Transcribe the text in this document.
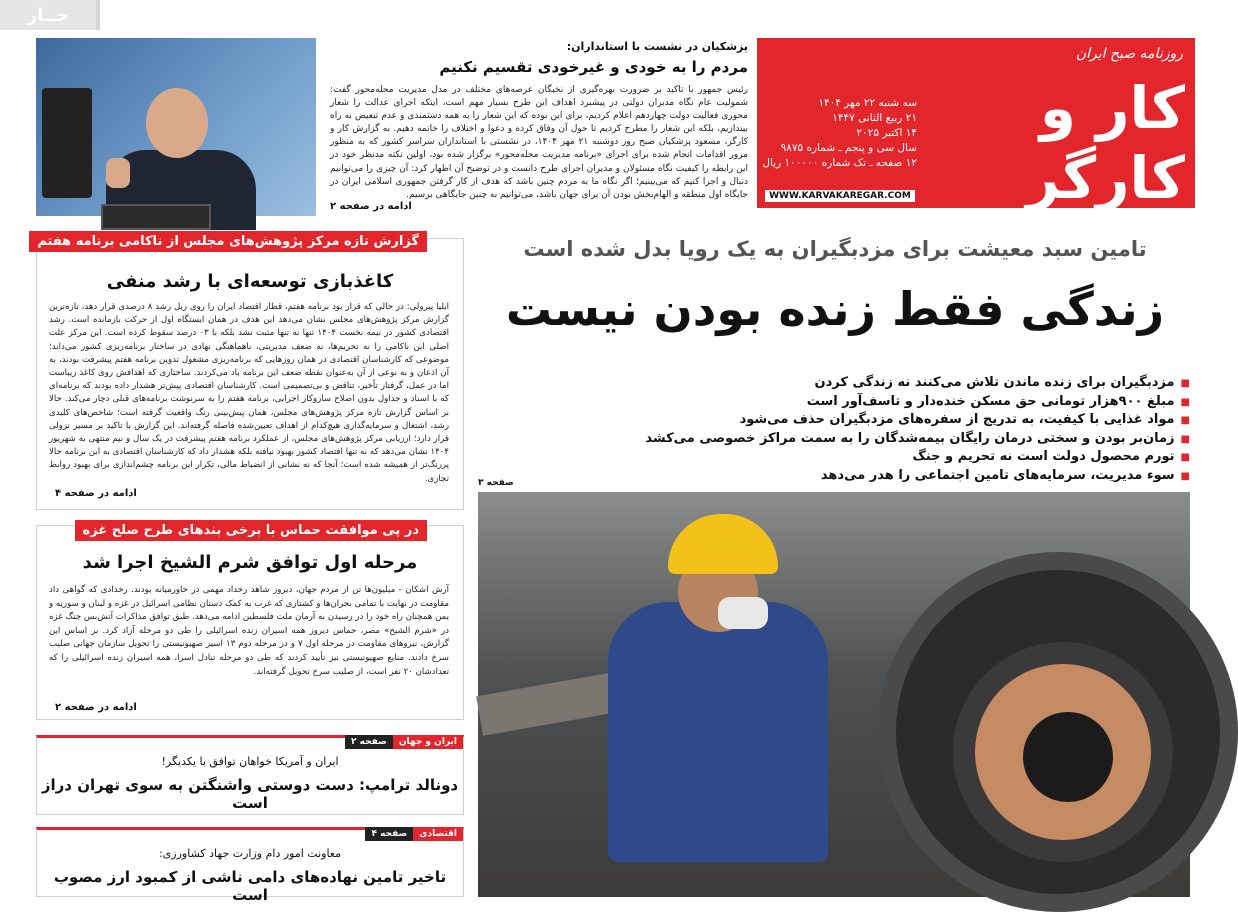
جــار
روزنامه صبح ایران
کار و کارگر
سه شنبه ۲۲ مهر ۱۴۰۴
۲۱ ربیع الثانی ۱۴۴۷
۱۴ اکتبر ۲۰۲۵
سال سی و پنجم ـ شماره ۹۸۷۵
۱۲ صفحه ـ تک شماره ۱۰۰۰۰۰ ریال
WWW.KARVAKAREGAR.COM
پزشکیان در نشست با استانداران:
مردم را به خودی و غیرخودی تقسیم نکنیم
رئیس جمهور با تاکید بر ضرورت بهره‌گیری از نخبگان عرصه‌های مختلف در مدل مدیریت محله‌محور گفت: شمولیت عام نگاه مدیران دولتی در پیشبرد اهداف این طرح بسیار مهم است، اینکه اجرای عدالت را شعار محوری فعالیت دولت چهاردهم اعلام کردیم، برای این بوده که این شعار را به همه دستمندی و عدم تبعیض به راه بیندازیم، بلکه این شعار را مطرح کردیم تا حول آن وفاق کرده و دعوا و اختلاف را خاتمه دهیم. به گزارش کار و کارگر، مسعود پزشکیان صبح روز دوشنبه ۲۱ مهر ۱۴۰۴، در نشستی با استانداران سراسر کشور که به منظور مرور اقدامات انجام شده برای اجرای «برنامه مدیریت محله‌محور» برگزار شده بود، اولین نکته مدنظر خود در این رابطه را کیفیت نگاه مسئولان و مدیران اجرای طرح دانست و در توضیح آن اظهار کرد: آن چیزی را می‌توانیم دنبال و اجرا کنیم که می‌بینیم؛ اگر نگاه ما به مردم چنین باشد که هدف از کار گرفتن جمهوری اسلامی ایران در جایگاه اول منطقه و الهام‌بخش بودن آن برای جهان باشد، می‌توانیم به چنین جایگاهی برسیم.
ادامه در صفحه ۲
گزارش تازه مرکز پژوهش‌های مجلس از ناکامی برنامه هفتم
کاغذبازی توسعه‌ای با رشد منفی
ایلیا پیرولی: در حالی که قرار بود برنامه هفتم، قطار اقتصاد ایران را روی ریل رشد ۸ درصدی قرار دهد، تازه‌ترین گزارش مرکز پژوهش‌های مجلس نشان می‌دهد این هدف در همان ایستگاه اول از حرکت بازمانده است. رشد اقتصادی کشور در نیمه نخست ۱۴۰۴ تنها نه تنها مثبت نشد بلکه با ۰۳ درصد سقوط کرده است. این مرکز علت اصلی این ناکامی را نه تحریم‌ها، نه ضعف مدیریتی، ناهماهنگی نهادی در ساختار برنامه‌ریزی کشور می‌داند؛ موضوعی که کارشناسان اقتصادی در همان روزهایی که برنامه‌ریزی مشغول تدوین برنامه هفتم پیشرفت بودند، به آن اذعان و به نوعی از آن به‌عنوان نقطه ضعف این برنامه یاد می‌کردند. ساختاری که اهدافش روی کاغذ زیباست اما در عمل، گرفتار تأخیر، تناقض و بی‌تصمیمی است. کارشناسان اقتصادی پیش‌تر هشدار داده بودند که برنامه‌ای که با اسناد و جداول بدون اصلاح سازوکار اجرایی، برنامه هفتم را به سرنوشت برنامه‌های قبلی دچار می‌کند. حالا بر اساس گزارش تازه مرکز پژوهش‌های مجلس، همان پیش‌بینی رنگ واقعیت گرفته است؛ شاخص‌های کلیدی رشد، اشتغال و سرمایه‌گذاری هیچ‌کدام از اهداف تعیین‌شده فاصله گرفته‌اند. این گزارش با تاکید بر مسیر نزولی قرار دارد؛ ارزیابی مرکز پژوهش‌های مجلس، از عملکرد برنامه هفتم پیشرفت در یک سال و نیم منتهی به شهریور ۱۴۰۴ نشان می‌دهد که نه تنها اقتصاد کشور بهبود نیافته بلکه هشدار داد که کارشناسان اقتصادی به این برنامه حالا پررنگ‌تر از همیشه شده است؛ آنجا که نه نشانی از انضباط مالی، تکرار این برنامه چشم‌اندازی برای بهبود روابط تجاری.
ادامه در صفحه ۴
در پی موافقت حماس با برخی بندهای طرح صلح غزه
مرحله اول توافق شرم الشیخ اجرا شد
آرش اشکان - میلیون‌ها تن از مردم جهان، دیروز شاهد رخداد مهمی در خاورمیانه بودند. رخدادی که گواهی داد مقاومت در نهایت با تمامی بحران‌ها و کشتاری که غرب به کمک دستان نظامی اسرائیل در غزه و لبنان و سوریه و یمن همچنان راه خود را در رسیدن به آرمان ملت فلسطین ادامه می‌دهد. طبق توافق مذاکرات آتش‌بس جنگ غزه در «شرم الشیخ» مصر، حماس دیروز همه اسیران زنده اسرائیلی را طی دو مرحله آزاد کرد. بر اساس این گزارش، نیروهای مقاومت در مرحله اول ۷ و در مرحله دوم ۱۳ اسیر صهیونیستی را تحویل سازمان جهانی صلیب سرخ دادند. منابع صهیونیستی نیز تأیید کردند که طی دو مرحله تبادل اسرا، همه اسیران زنده اسرائیلی را که تعدادشان ۲۰ نفر است، از صلیب سرخ تحویل گرفته‌اند.
ادامه در صفحه ۲
ایران و جهان
صفحه ۲
ایران و آمریکا خواهان توافق با یکدیگر!
دونالد ترامپ: دست دوستی واشنگتن به سوی تهران دراز است
اقتصادی
صفحه ۴
معاونت امور دام وزارت جهاد کشاورزی:
تاخیر تامین نهاده‌های دامی ناشی از کمبود ارز مصوب است
تامین سبد معیشت برای مزدبگیران به یک رویا بدل شده است
زندگی فقط زنده بودن نیست
■ مزدبگیران برای زنده ماندن تلاش می‌کنند نه زندگی کردن
■ مبلغ ۹۰۰هزار تومانی حق مسکن خنده‌دار و تاسف‌آور است
■ مواد غذایی با کیفیت، به تدریج از سفره‌های مزدبگیران حذف می‌شود
■ زمان‌بر بودن و سختی درمان رایگان بیمه‌شدگان را به سمت مراکز خصوصی می‌کشد
■ تورم محصول دولت است نه تحریم و جنگ
■ سوء مدیریت، سرمایه‌های تامین اجتماعی را هدر می‌دهد
صفحه ۳
